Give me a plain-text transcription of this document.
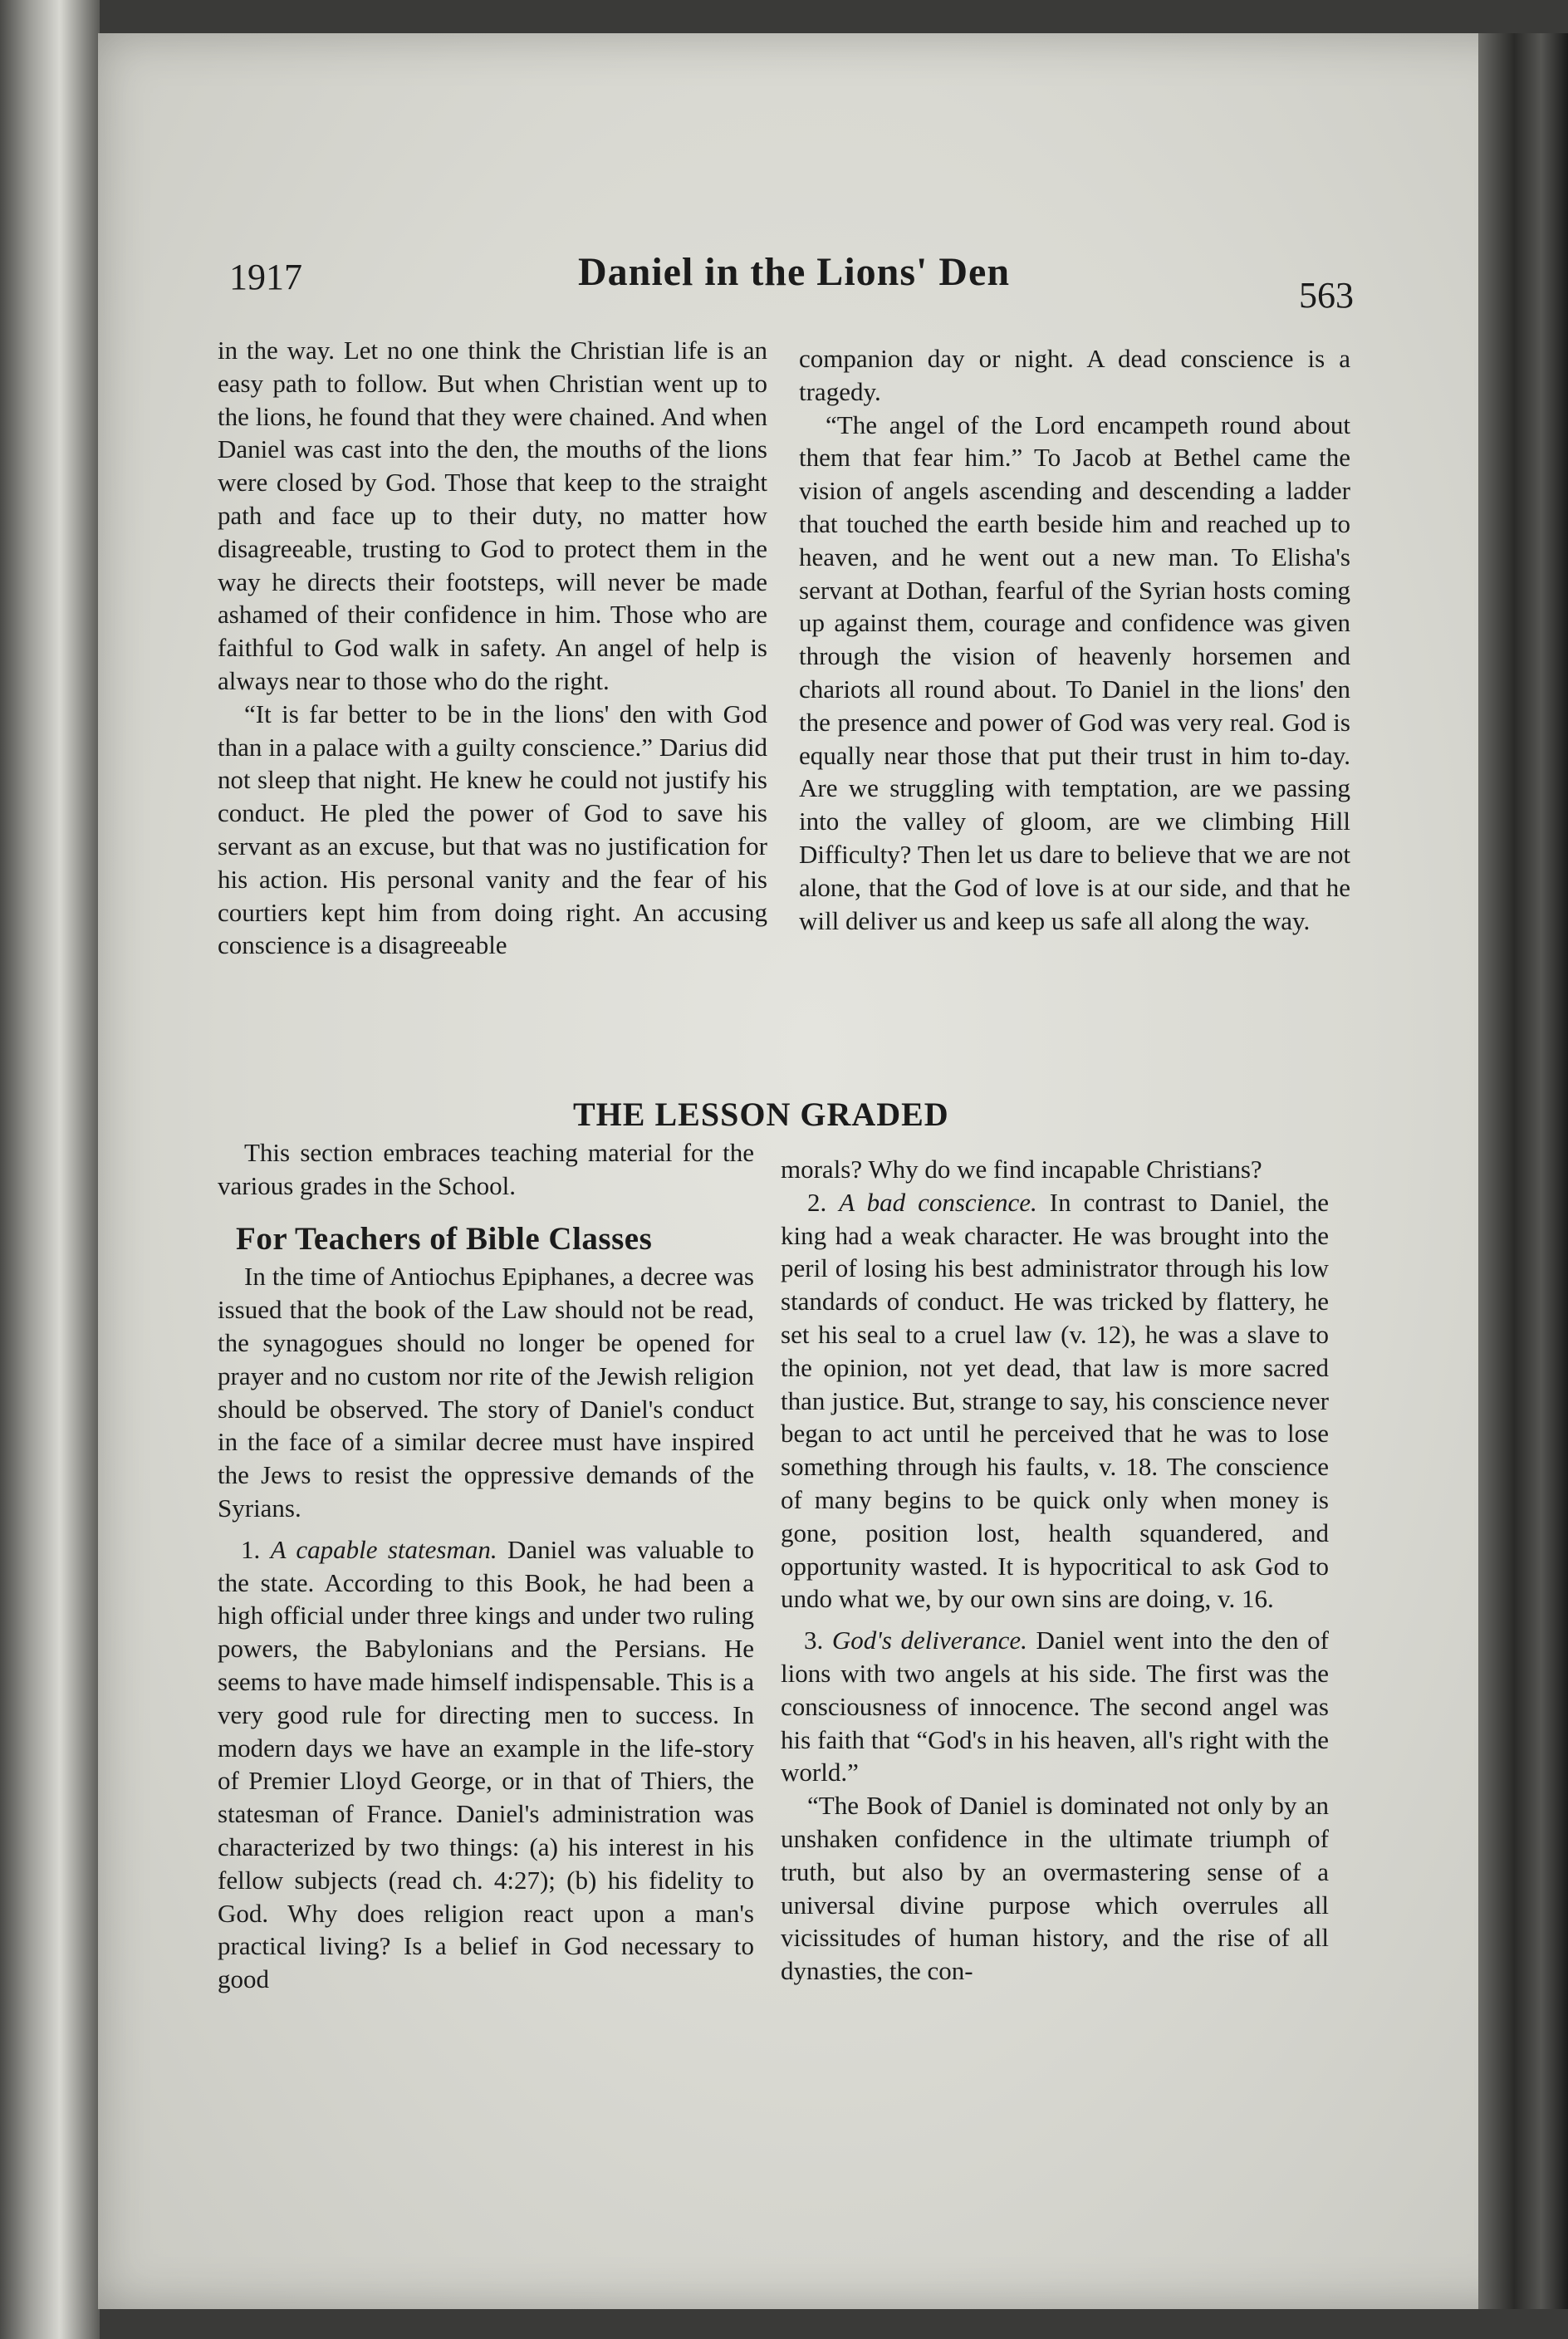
1917	Daniel in the Lions' Den
563

in the way. Let no one think the Christian life is an easy path to follow. But when Christian went up to the lions, he found that they were chained. And when Daniel was cast into the den, the mouths of the lions were closed by God. Those that keep to the straight path and face up to their duty, no matter how disagreeable, trusting to God to protect them in the way he directs their footsteps, will never be made ashamed of their confidence in him. Those who are faithful to God walk in safety. An angel of help is always near to those who do the right.

“It is far better to be in the lions' den with God than in a palace with a guilty conscience.” Darius did not sleep that night. He knew he could not justify his conduct. He pled the power of God to save his servant as an excuse, but that was no justification for his action. His personal vanity and the fear of his courtiers kept him from doing right. An accusing conscience is a disagreeable

companion day or night. A dead conscience is a tragedy.

“The angel of the Lord encampeth round about them that fear him.” To Jacob at Bethel came the vision of angels ascending and descending a ladder that touched the earth beside him and reached up to heaven, and he went out a new man. To Elisha's servant at Dothan, fearful of the Syrian hosts coming up against them, courage and confidence was given through the vision of heavenly horsemen and chariots all round about. To Daniel in the lions' den the presence and power of God was very real. God is equally near those that put their trust in him to-day. Are we struggling with temptation, are we passing into the valley of gloom, are we climbing Hill Difficulty? Then let us dare to believe that we are not alone, that the God of love is at our side, and that he will deliver us and keep us safe all along the way.

THE LESSON GRADED

This section embraces teaching material for the various grades in the School.

For Teachers of Bible Classes

In the time of Antiochus Epiphanes, a decree was issued that the book of the Law should not be read, the synagogues should no longer be opened for prayer and no custom nor rite of the Jewish religion should be observed. The story of Daniel's conduct in the face of a similar decree must have inspired the Jews to resist the oppressive demands of the Syrians.

1. A capable statesman. Daniel was valuable to the state. According to this Book, he had been a high official under three kings and under two ruling powers, the Babylonians and the Persians. He seems to have made himself indispensable. This is a very good rule for directing men to success. In modern days we have an example in the life-story of Premier Lloyd George, or in that of Thiers, the statesman of France. Daniel's administration was characterized by two things: (a) his interest in his fellow subjects (read ch. 4:27); (b) his fidelity to God. Why does religion react upon a man's practical living? Is a belief in God necessary to good

morals? Why do we find incapable Christians?

2. A bad conscience. In contrast to Daniel, the king had a weak character. He was brought into the peril of losing his best administrator through his low standards of conduct. He was tricked by flattery, he set his seal to a cruel law (v. 12), he was a slave to the opinion, not yet dead, that law is more sacred than justice. But, strange to say, his conscience never began to act until he perceived that he was to lose something through his faults, v. 18. The conscience of many begins to be quick only when money is gone, position lost, health squandered, and opportunity wasted. It is hypocritical to ask God to undo what we, by our own sins are doing, v. 16.

3. God's deliverance. Daniel went into the den of lions with two angels at his side. The first was the consciousness of innocence. The second angel was his faith that “God's in his heaven, all's right with the world.”

“The Book of Daniel is dominated not only by an unshaken confidence in the ultimate triumph of truth, but also by an overmastering sense of a universal divine purpose which overrules all vicissitudes of human history, and the rise of all dynasties, the con-
